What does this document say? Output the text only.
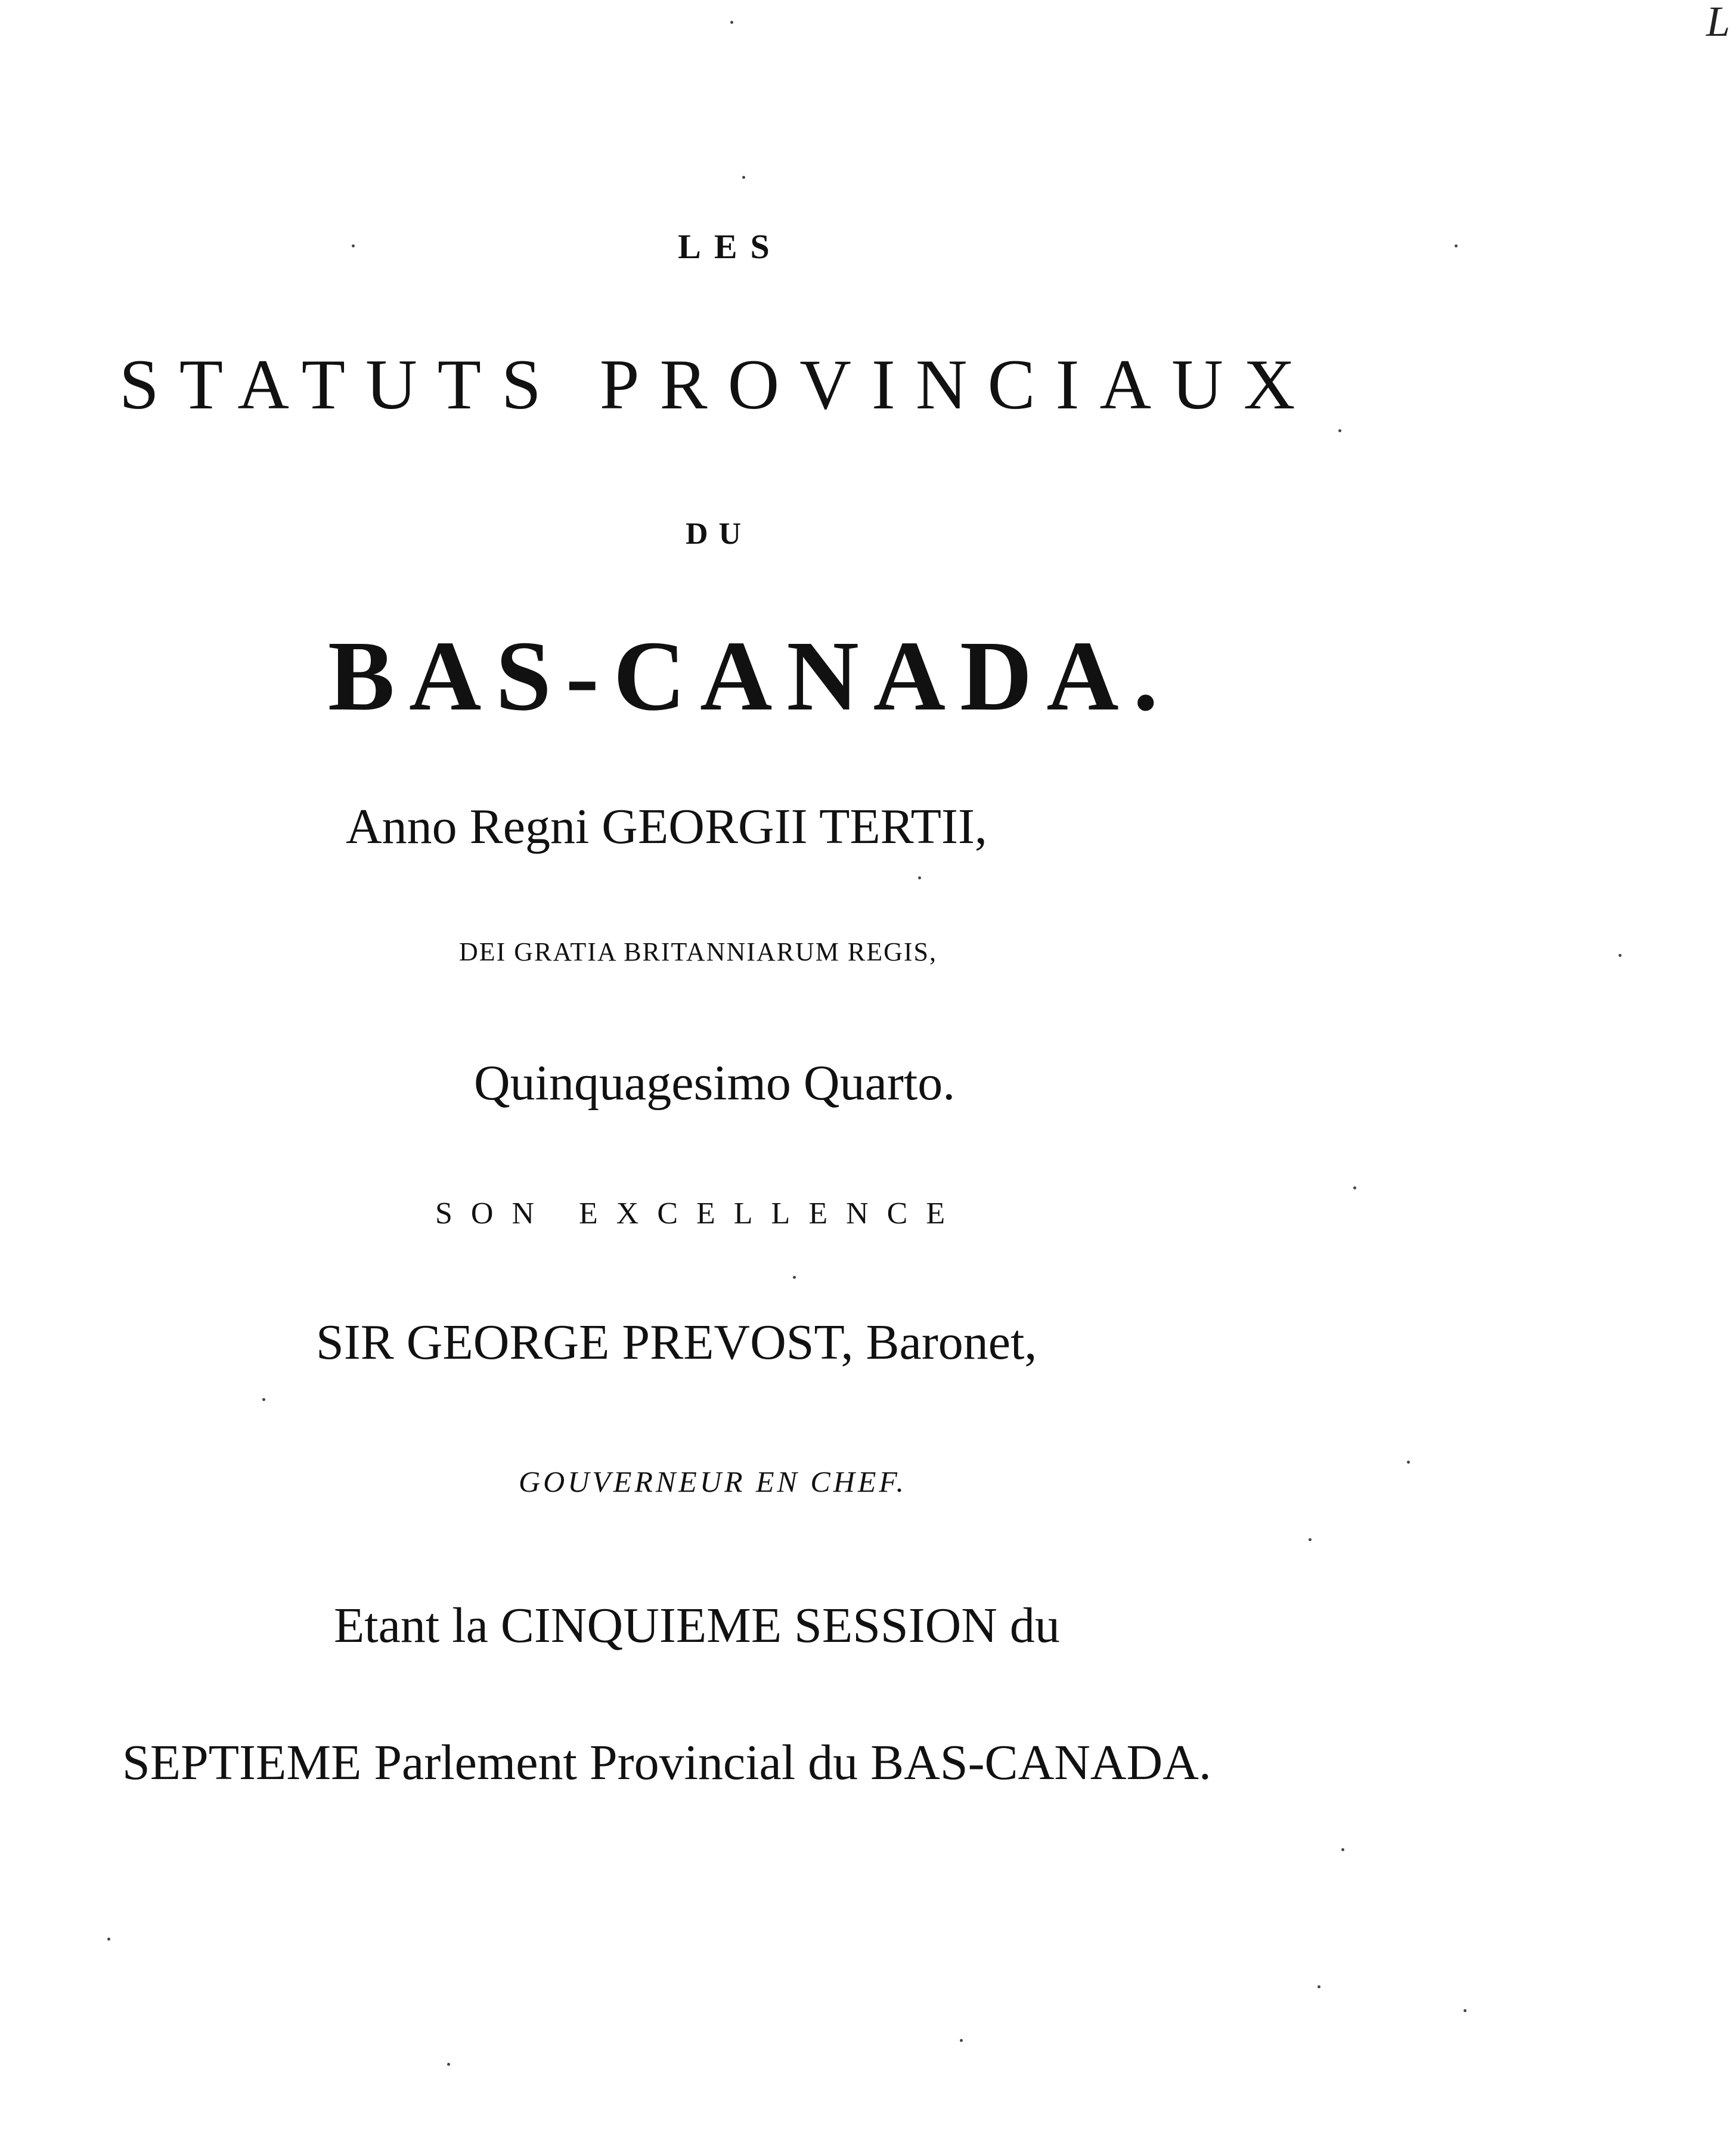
L
LES
STATUTS PROVINCIAUX
DU
BAS-CANADA.
Anno Regni GEORGII TERTII,
DEI GRATIA BRITANNIARUM REGIS,
Quinquagesimo Quarto.
SON EXCELLENCE
SIR GEORGE PREVOST, Baronet,
GOUVERNEUR EN CHEF.
Etant la CINQUIEME SESSION du
SEPTIEME Parlement Provincial du BAS-CANADA.
